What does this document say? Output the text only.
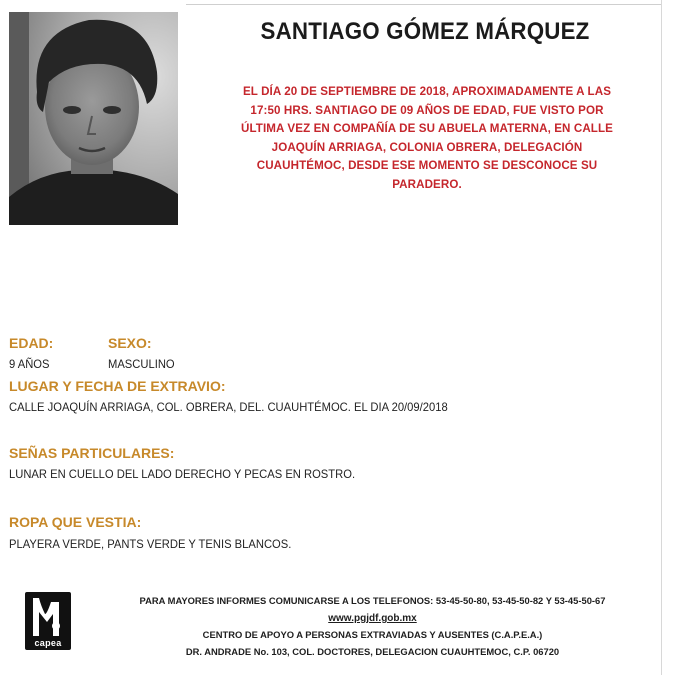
SANTIAGO GÓMEZ MÁRQUEZ
EL DÍA 20 DE SEPTIEMBRE DE 2018, APROXIMADAMENTE A LAS 17:50 HRS. SANTIAGO DE 09 AÑOS DE EDAD, FUE VISTO POR ÚLTIMA VEZ EN COMPAÑÍA DE SU ABUELA MATERNA, EN CALLE JOAQUÍN ARRIAGA, COLONIA OBRERA, DELEGACIÓN CUAUHTÉMOC, DESDE ESE MOMENTO SE DESCONOCE SU PARADERO.
EDAD:	SEXO:
9 AÑOS	MASCULINO
LUGAR Y FECHA DE EXTRAVIO:
CALLE JOAQUÍN ARRIAGA, COL. OBRERA, DEL. CUAUHTÉMOC. EL DIA 20/09/2018
SEÑAS PARTICULARES:
LUNAR EN CUELLO DEL LADO DERECHO Y PECAS EN ROSTRO.
ROPA QUE VESTIA:
PLAYERA VERDE, PANTS VERDE Y TENIS BLANCOS.
capea
PARA MAYORES INFORMES COMUNICARSE A LOS TELEFONOS: 53-45-50-80, 53-45-50-82 Y 53-45-50-67
www.pgjdf.gob.mx
CENTRO DE APOYO A PERSONAS EXTRAVIADAS Y AUSENTES (C.A.P.E.A.)
DR. ANDRADE No. 103, COL. DOCTORES, DELEGACION CUAUHTEMOC, C.P. 06720
